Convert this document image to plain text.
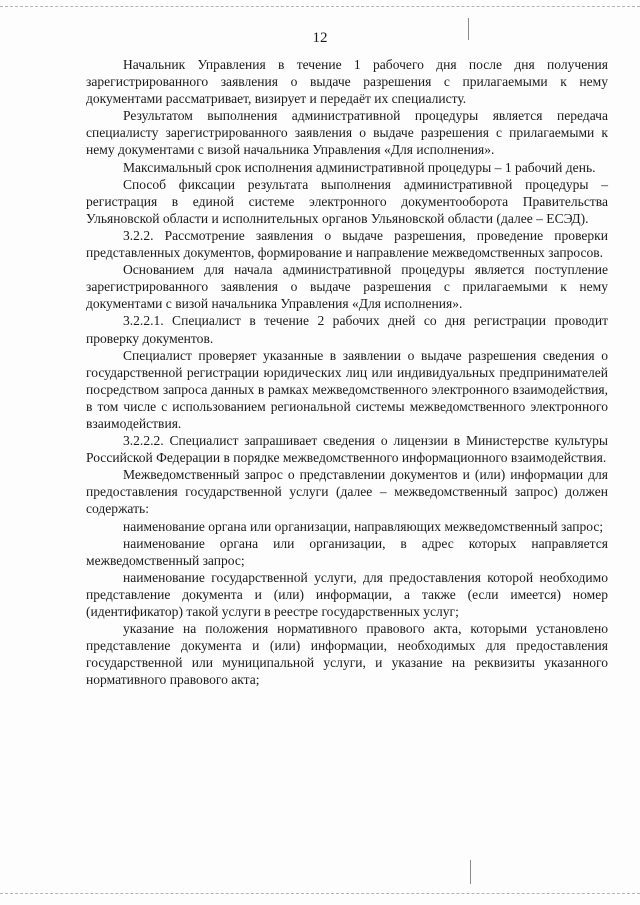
12

Начальник Управления в течение 1 рабочего дня после дня получения зарегистрированного заявления о выдаче разрешения с прилагаемыми к нему документами рассматривает, визирует и передаёт их специалисту.

Результатом выполнения административной процедуры является передача специалисту зарегистрированного заявления о выдаче разрешения с прилагаемыми к нему документами с визой начальника Управления «Для исполнения».

Максимальный срок исполнения административной процедуры – 1 рабочий день.

Способ фиксации результата выполнения административной процедуры – регистрация в единой системе электронного документооборота Правительства Ульяновской области и исполнительных органов Ульяновской области (далее – ЕСЭД).

3.2.2. Рассмотрение заявления о выдаче разрешения, проведение проверки представленных документов, формирование и направление межведомственных запросов.

Основанием для начала административной процедуры является поступление зарегистрированного заявления о выдаче разрешения с прилагаемыми к нему документами с визой начальника Управления «Для исполнения».

3.2.2.1. Специалист в течение 2 рабочих дней со дня регистрации проводит проверку документов.

Специалист проверяет указанные в заявлении о выдаче разрешения сведения о государственной регистрации юридических лиц или индивидуальных предпринимателей посредством запроса данных в рамках межведомственного электронного взаимодействия, в том числе с использованием региональной системы межведомственного электронного взаимодействия.

3.2.2.2. Специалист запрашивает сведения о лицензии в Министерстве культуры Российской Федерации в порядке межведомственного информационного взаимодействия.

Межведомственный запрос о представлении документов и (или) информации для предоставления государственной услуги (далее – межведомственный запрос) должен содержать:

наименование органа или организации, направляющих межведомственный запрос;

наименование органа или организации, в адрес которых направляется межведомственный запрос;

наименование государственной услуги, для предоставления которой необходимо представление документа и (или) информации, а также (если имеется) номер (идентификатор) такой услуги в реестре государственных услуг;

указание на положения нормативного правового акта, которыми установлено представление документа и (или) информации, необходимых для предоставления государственной или муниципальной услуги, и указание на реквизиты указанного нормативного правового акта;
